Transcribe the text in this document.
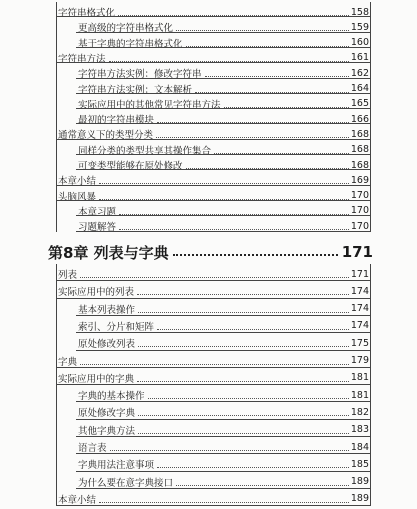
字符串格式化	158
更高级的字符串格式化	159
基于字典的字符串格式化	160
字符串方法	161
字符串方法实例：修改字符串	162
字符串方法实例：文本解析	164
实际应用中的其他常见字符串方法	165
最初的字符串模块	166
通常意义下的类型分类	168
同样分类的类型共享其操作集合	168
可变类型能够在原处修改	168
本章小结	169
头脑风暴	170
本章习题	170
习题解答	170
第8章 列表与字典	171
列表	171
实际应用中的列表	174
基本列表操作	174
索引、分片和矩阵	174
原处修改列表	175
字典	179
实际应用中的字典	181
字典的基本操作	181
原处修改字典	182
其他字典方法	183
语言表	184
字典用法注意事项	185
为什么要在意字典接口	189
本章小结	189
